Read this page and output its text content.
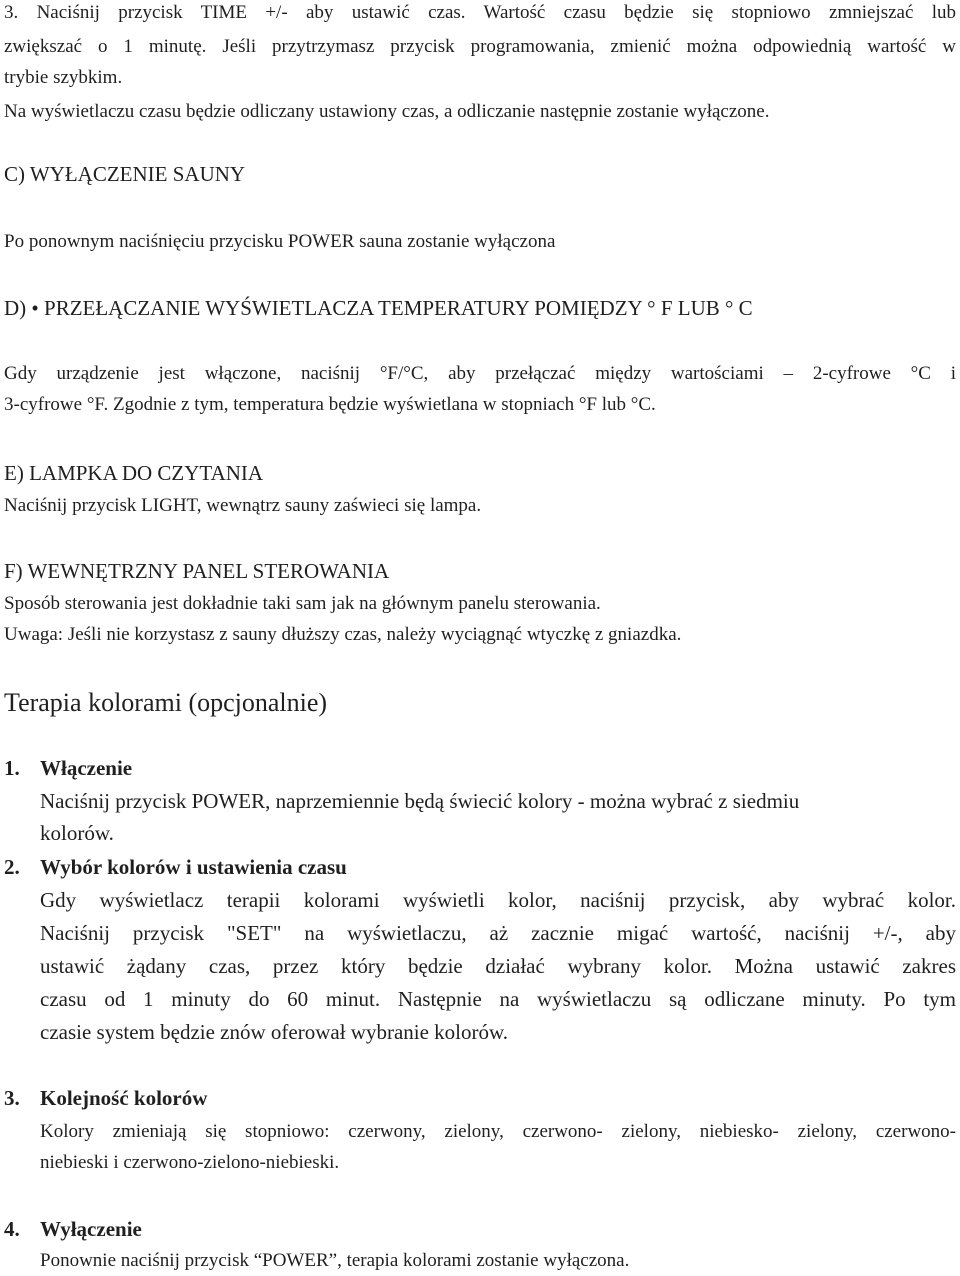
3. Naciśnij przycisk TIME +/- aby ustawić czas. Wartość czasu będzie się stopniowo zmniejszać lub
zwiększać o 1 minutę. Jeśli przytrzymasz przycisk programowania, zmienić można odpowiednią wartość w
trybie szybkim.
Na wyświetlaczu czasu będzie odliczany ustawiony czas, a odliczanie następnie zostanie wyłączone.
C) WYŁĄCZENIE SAUNY
Po ponownym naciśnięciu przycisku POWER sauna zostanie wyłączona
D) • PRZEŁĄCZANIE WYŚWIETLACZA TEMPERATURY POMIĘDZY ° F LUB ° C
Gdy urządzenie jest włączone, naciśnij °F/°C, aby przełączać między wartościami – 2-cyfrowe °C i
3-cyfrowe °F. Zgodnie z tym, temperatura będzie wyświetlana w stopniach °F lub °C.
E) LAMPKA DO CZYTANIA
Naciśnij przycisk LIGHT, wewnątrz sauny zaświeci się lampa.
F) WEWNĘTRZNY PANEL STEROWANIA
Sposób sterowania jest dokładnie taki sam jak na głównym panelu sterowania.
Uwaga: Jeśli nie korzystasz z sauny dłuższy czas, należy wyciągnąć wtyczkę z gniazdka.
Terapia kolorami (opcjonalnie)
1. Włączenie
Naciśnij przycisk POWER, naprzemiennie będą świecić kolory - można wybrać z siedmiu
kolorów.
2. Wybór kolorów i ustawienia czasu
Gdy wyświetlacz terapii kolorami wyświetli kolor, naciśnij przycisk, aby wybrać kolor.
Naciśnij przycisk "SET" na wyświetlaczu, aż zacznie migać wartość, naciśnij +/-, aby
ustawić żądany czas, przez który będzie działać wybrany kolor. Można ustawić zakres
czasu od 1 minuty do 60 minut. Następnie na wyświetlaczu są odliczane minuty. Po tym
czasie system będzie znów oferował wybranie kolorów.
3. Kolejność kolorów
Kolory zmieniają się stopniowo: czerwony, zielony, czerwono- zielony, niebiesko- zielony, czerwono-
niebieski i czerwono-zielono-niebieski.
4. Wyłączenie
Ponownie naciśnij przycisk “POWER”, terapia kolorami zostanie wyłączona.
